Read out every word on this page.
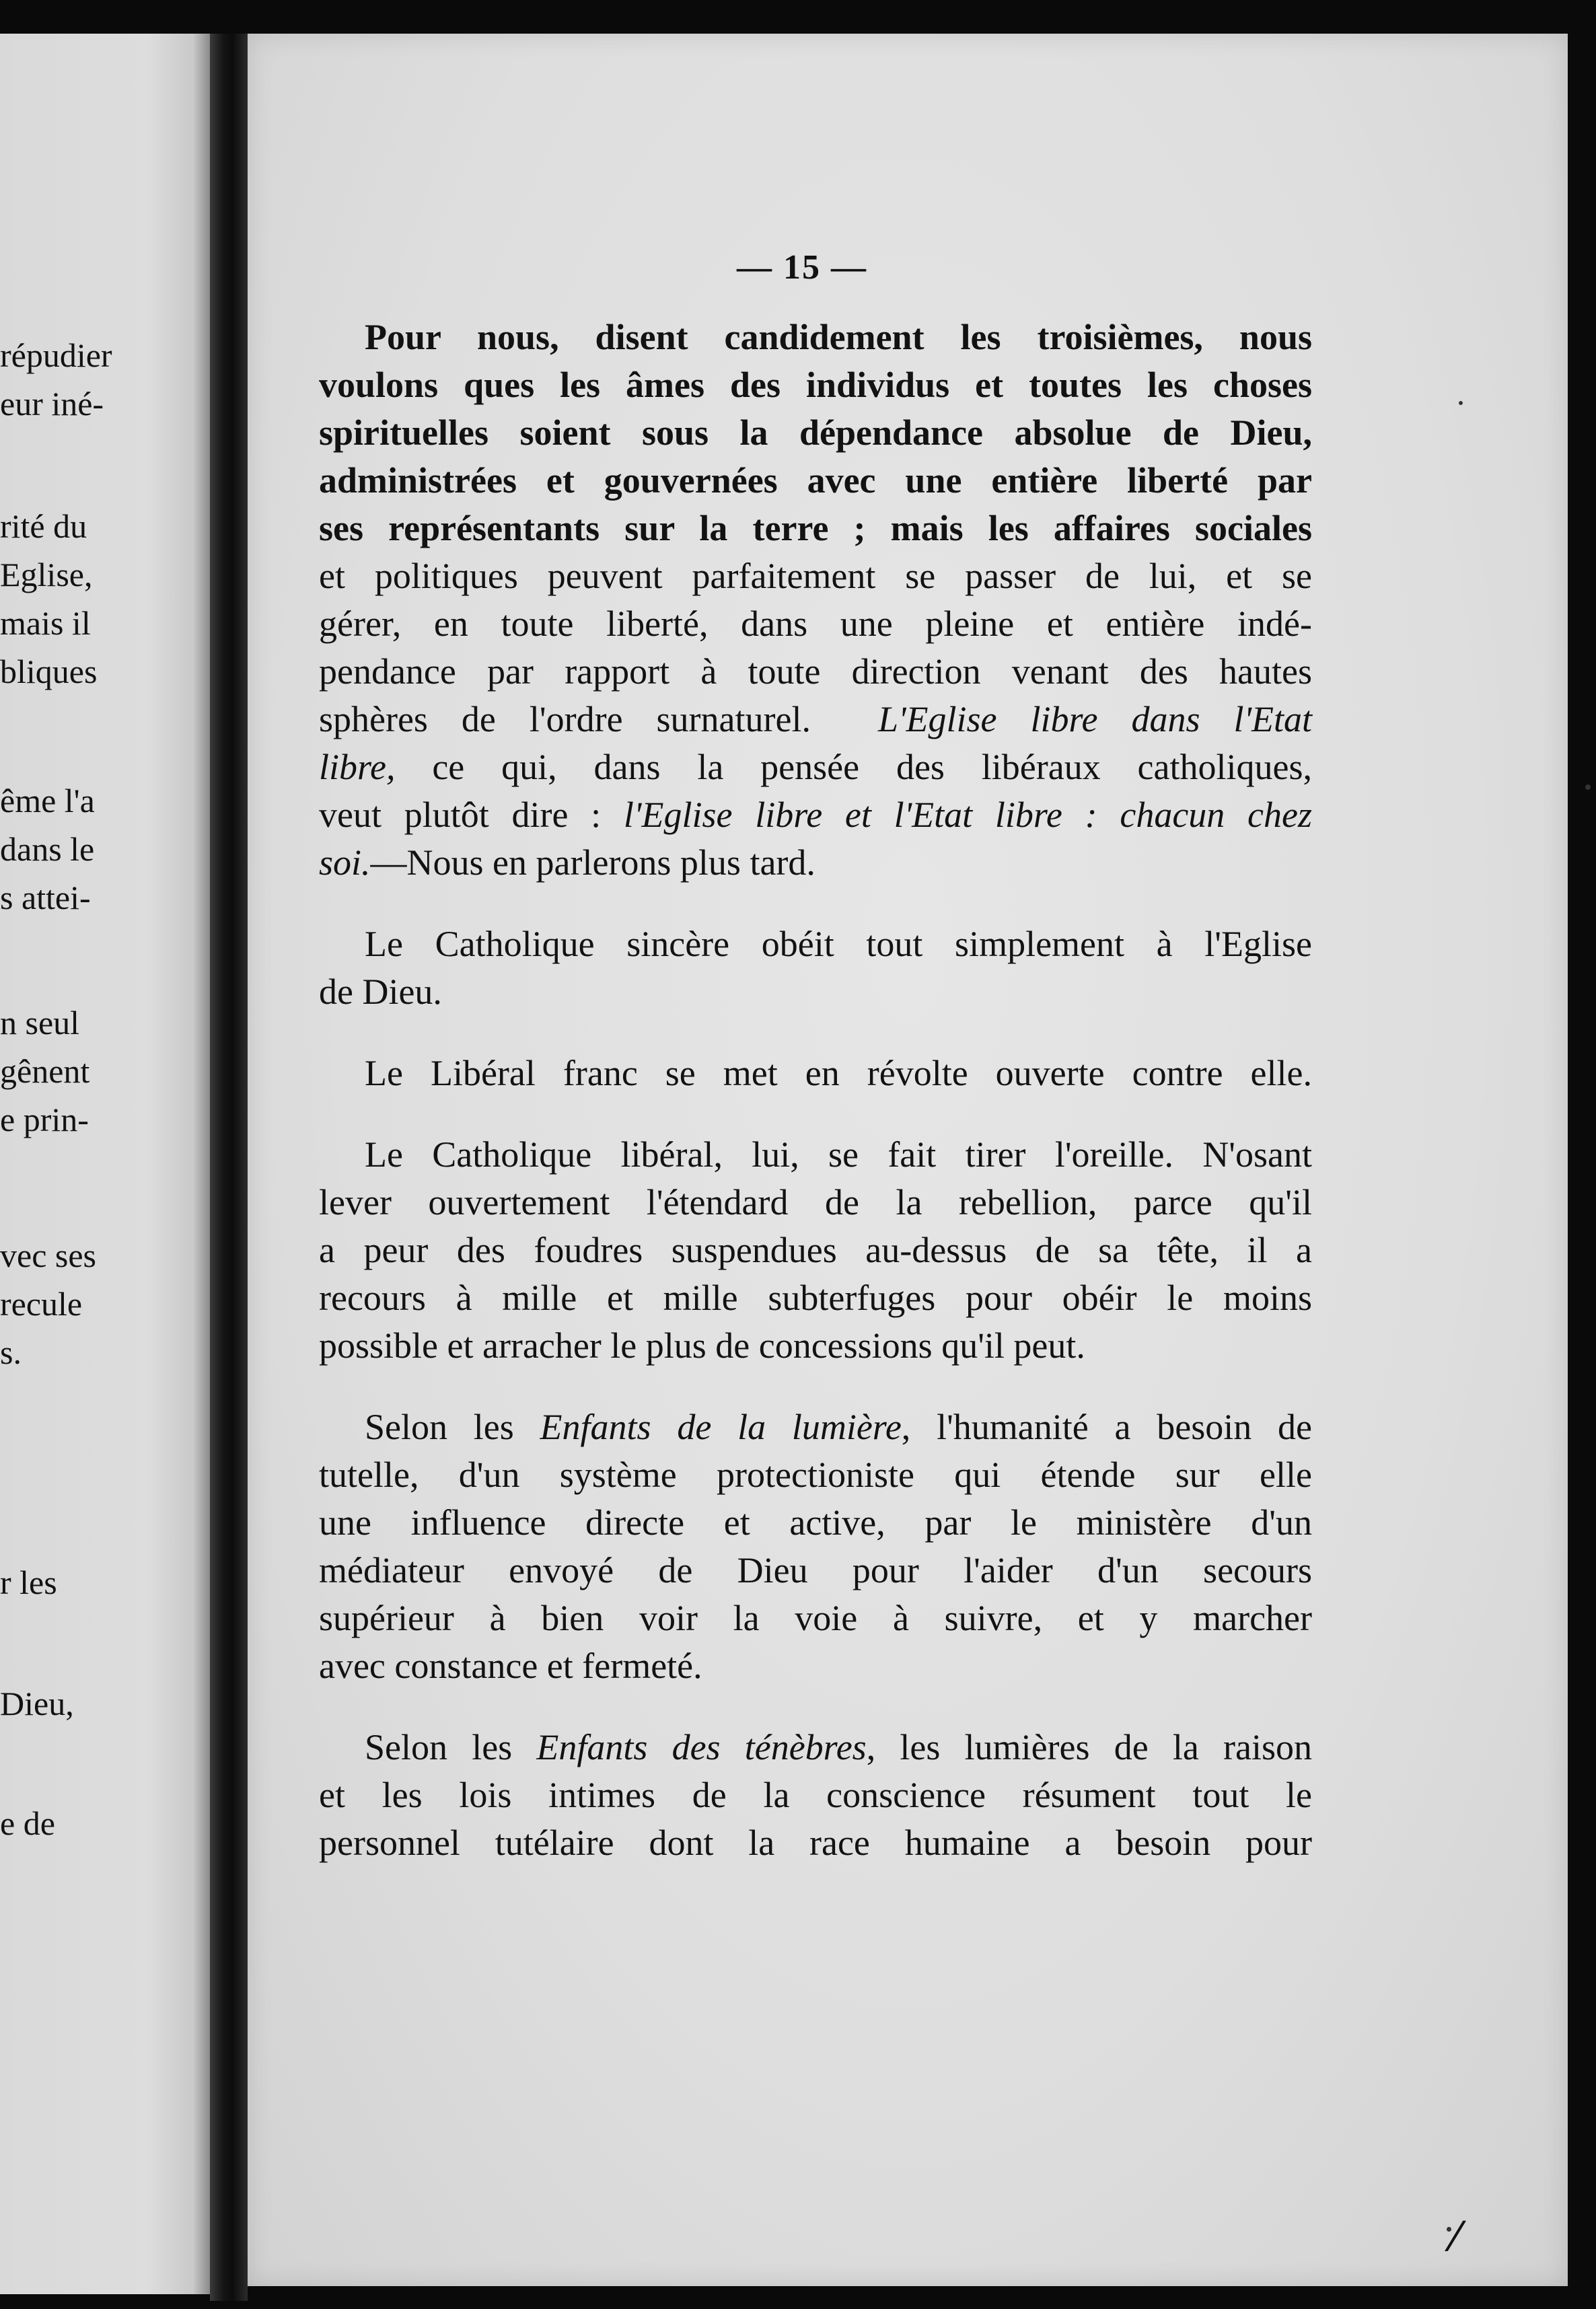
répudier
eur iné-
rité du
Eglise,
mais il
bliques
ême l'a
dans le
s attei-
n seul
gênent
e prin-
vec ses
recule
s.
r les
Dieu,
e de
— 15 —

Pour nous, disent candidement les troisièmes, nous
voulons ques les âmes des individus et toutes les choses
spirituelles soient sous la dépendance absolue de Dieu,
administrées et gouvernées avec une entière liberté par
ses représentants sur la terre ; mais les affaires sociales
et politiques peuvent parfaitement se passer de lui, et se
gérer, en toute liberté, dans une pleine et entière indé-
pendance par rapport à toute direction venant des hautes
sphères de l'ordre surnaturel. L'Eglise libre dans l'Etat
libre, ce qui, dans la pensée des libéraux catholiques,
veut plutôt dire : l'Eglise libre et l'Etat libre : chacun chez
soi.—Nous en parlerons plus tard.

Le Catholique sincère obéit tout simplement à l'Eglise
de Dieu.

Le Libéral franc se met en révolte ouverte contre elle.

Le Catholique libéral, lui, se fait tirer l'oreille. N'osant
lever ouvertement l'étendard de la rebellion, parce qu'il
a peur des foudres suspendues au-dessus de sa tête, il a
recours à mille et mille subterfuges pour obéir le moins
possible et arracher le plus de concessions qu'il peut.

Selon les Enfants de la lumière, l'humanité a besoin de
tutelle, d'un système protectioniste qui étende sur elle
une influence directe et active, par le ministère d'un
médiateur envoyé de Dieu pour l'aider d'un secours
supérieur à bien voir la voie à suivre, et y marcher
avec constance et fermeté.

Selon les Enfants des ténèbres, les lumières de la raison
et les lois intimes de la conscience résument tout le
personnel tutélaire dont la race humaine a besoin pour

⁄
